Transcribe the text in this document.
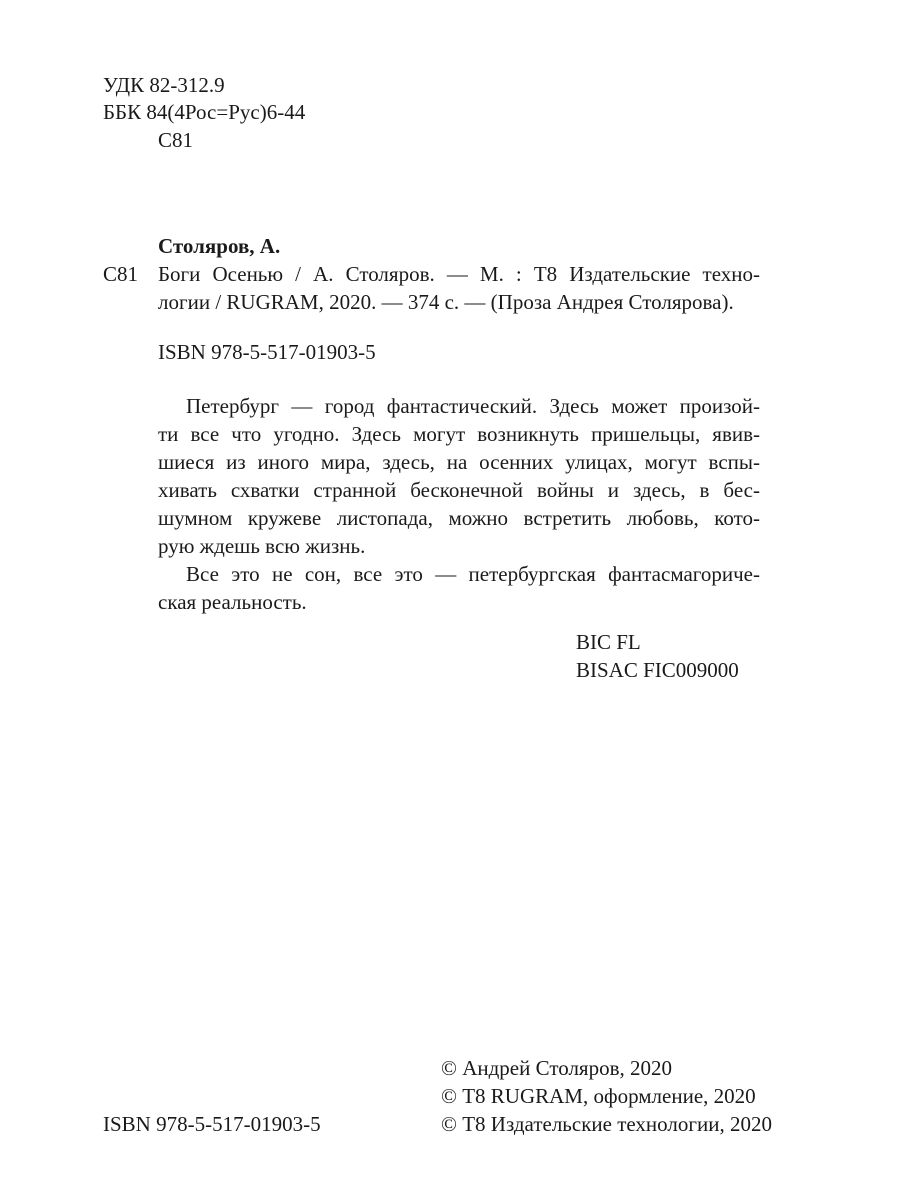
УДК 82-312.9
ББК 84(4Рос=Рус)6-44
С81
Столяров, А.
С81 Боги Осенью / А. Столяров. — М. : Т8 Издательские техно-
логии / RUGRAM, 2020. — 374 с. — (Проза Андрея Столярова).
ISBN 978-5-517-01903-5
Петербург — город фантастический. Здесь может произой-
ти все что угодно. Здесь могут возникнуть пришельцы, явив-
шиеся из иного мира, здесь, на осенних улицах, могут вспы-
хивать схватки странной бесконечной войны и здесь, в бес-
шумном кружеве листопада, можно встретить любовь, кото-
рую ждешь всю жизнь.
Все это не сон, все это — петербургская фантасмагориче-
ская реальность.
BIC FL
BISAC FIC009000
ISBN 978-5-517-01903-5
© Андрей Столяров, 2020
© Т8 RUGRAM, оформление, 2020
© Т8 Издательские технологии, 2020
